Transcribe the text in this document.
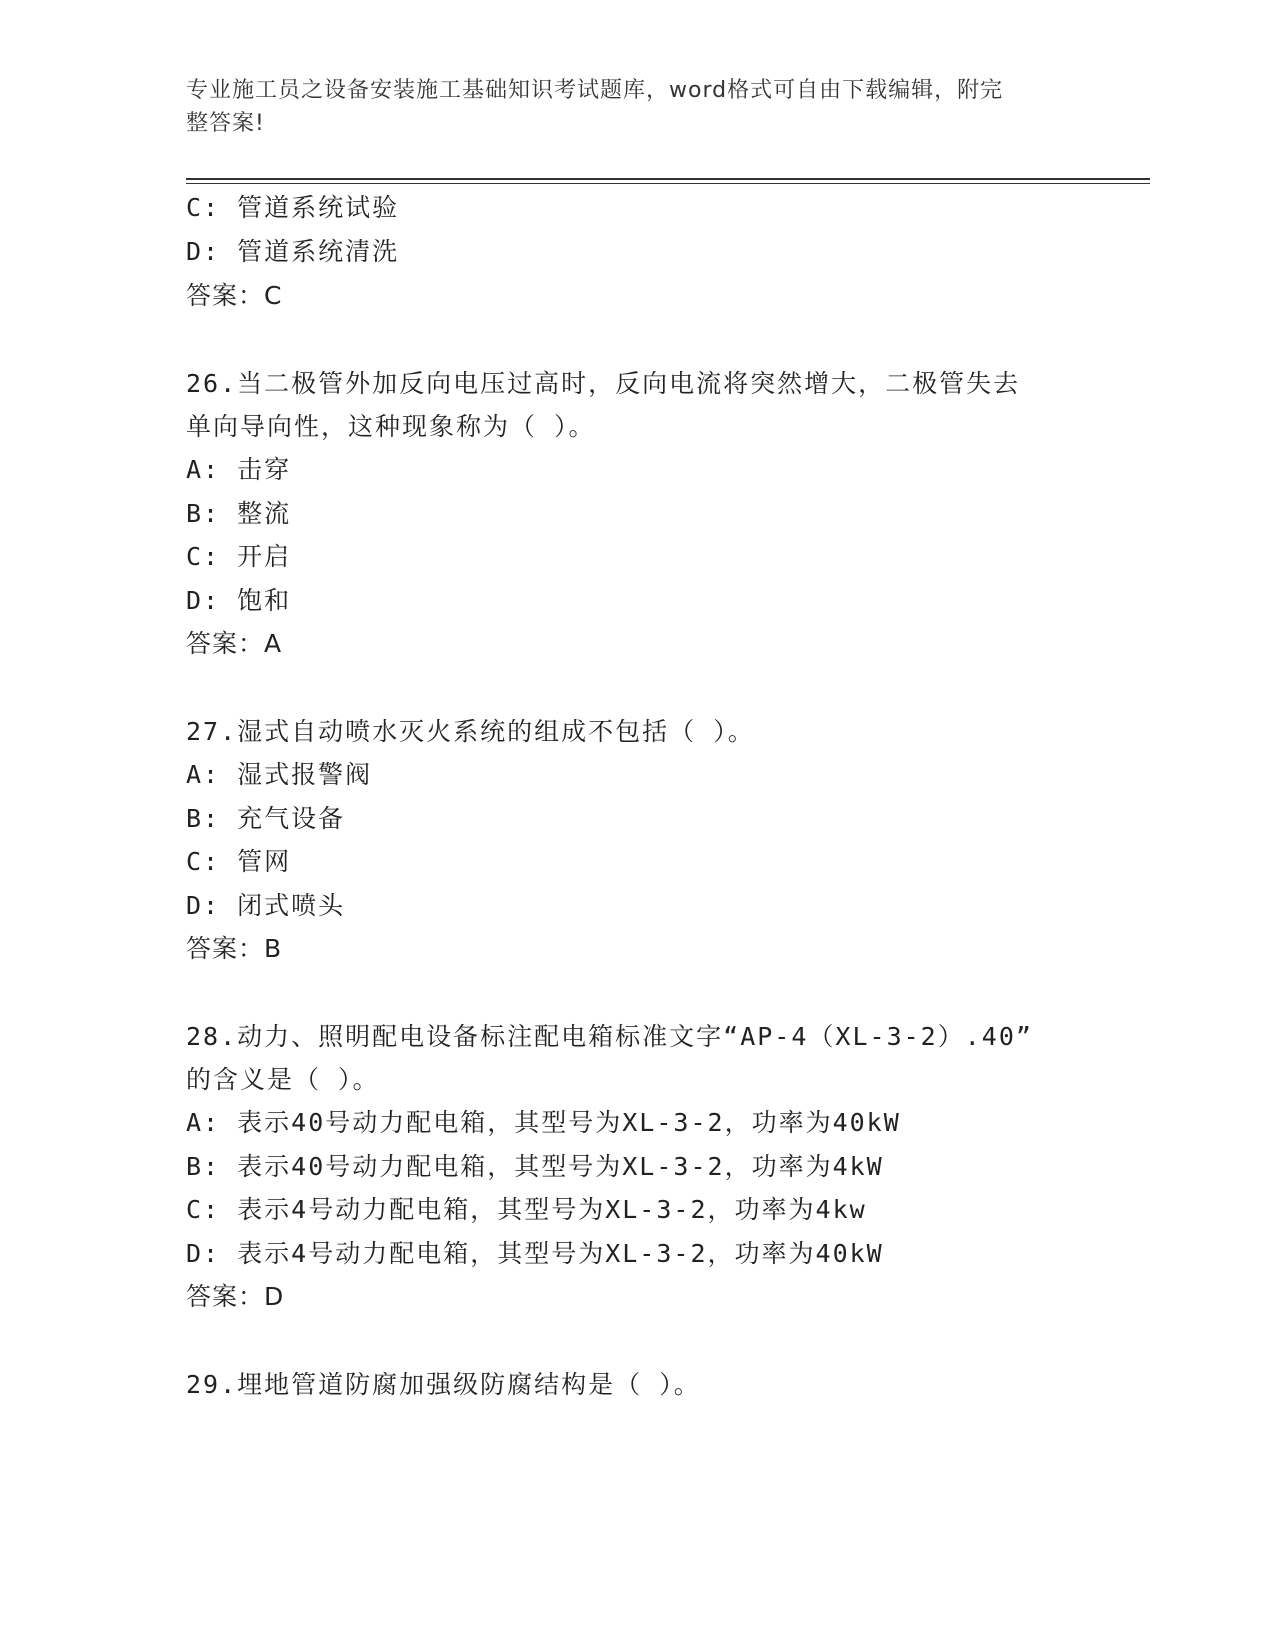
专业施工员之设备安装施工基础知识考试题库，word格式可自由下载编辑，附完
整答案!
C: 管道系统试验
D: 管道系统清洗
答案：C
26.当二极管外加反向电压过高时，反向电流将突然增大，二极管失去
单向导向性，这种现象称为（ ）。
A: 击穿
B: 整流
C: 开启
D: 饱和
答案：A
27.湿式自动喷水灭火系统的组成不包括（ ）。
A: 湿式报警阀
B: 充气设备
C: 管网
D: 闭式喷头
答案：B
28.动力、照明配电设备标注配电箱标准文字“AP-4（XL-3-2）.40”
的含义是（ ）。
A: 表示40号动力配电箱，其型号为XL-3-2，功率为40kW
B: 表示40号动力配电箱，其型号为XL-3-2，功率为4kW
C: 表示4号动力配电箱，其型号为XL-3-2，功率为4kw
D: 表示4号动力配电箱，其型号为XL-3-2，功率为40kW
答案：D
29.埋地管道防腐加强级防腐结构是（ ）。
